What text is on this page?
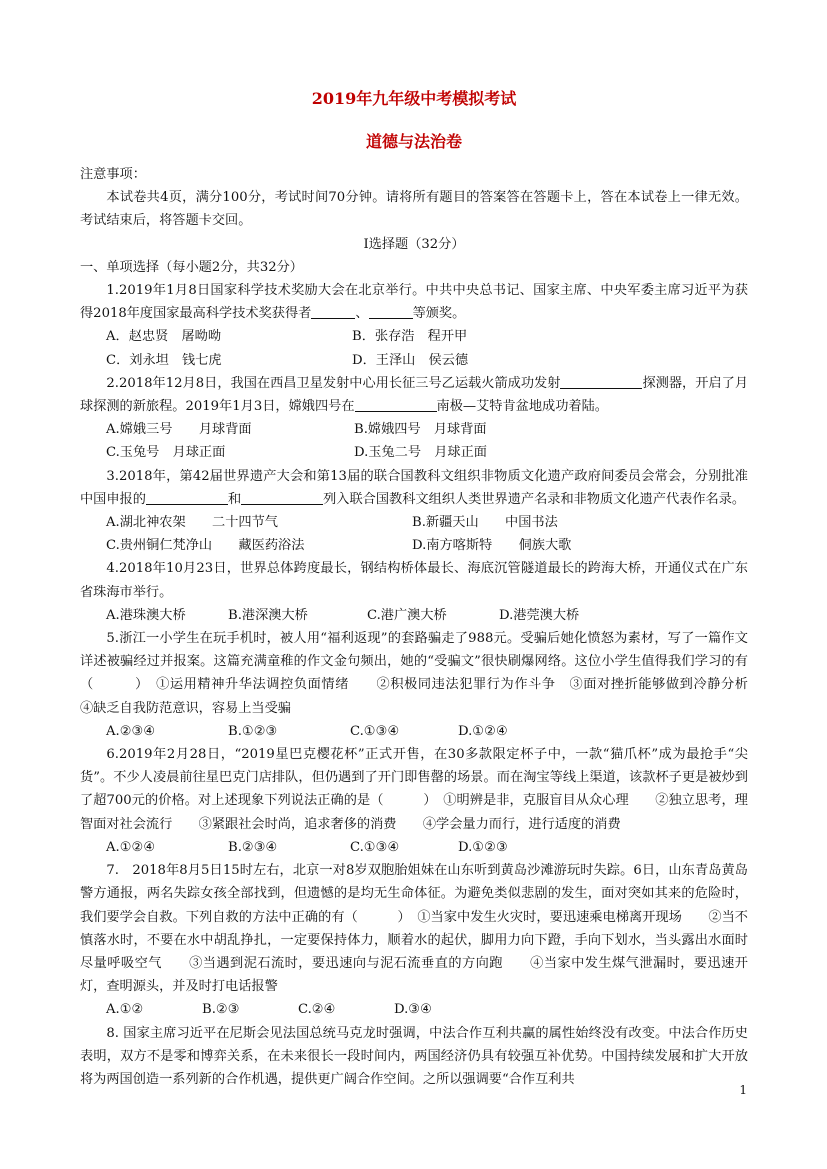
2019年九年级中考模拟考试
道德与法治卷

注意事项：

本试卷共4页，满分100分，考试时间70分钟。请将所有题目的答案答在答题卡上，答在本试卷上一律无效。考试结束后，将答题卡交回。

Ⅰ选择题（32分）

一、单项选择（每小题2分，共32分）

1.2019年1月8日国家科学技术奖励大会在北京举行。中共中央总书记、国家主席、中央军委主席习近平为获得2018年度国家最高科学技术奖获得者	、	等颁奖。

A．赵忠贤　屠呦呦	B．张存浩　程开甲
C．刘永坦　钱七虎	D．王泽山　侯云德

2.2018年12月8日，我国在西昌卫星发射中心用长征三号乙运载火箭成功发射	探测器，开启了月球探测的新旅程。2019年1月3日，嫦娥四号在	南极—艾特肯盆地成功着陆。

A.嫦娥三号　　月球背面	B.嫦娥四号　月球背面
C.玉兔号　月球正面	D.玉兔二号　月球正面

3.2018年，第42届世界遗产大会和第13届的联合国教科文组织非物质文化遗产政府间委员会常会，分别批准中国申报的	和	列入联合国教科文组织人类世界遗产名录和非物质文化遗产代表作名录。

A.湖北神农架　　二十四节气	B.新疆天山　　中国书法
C.贵州铜仁梵净山　　藏医药浴法	D.南方喀斯特　　侗族大歌

4.2018年10月23日，世界总体跨度最长，钢结构桥体最长、海底沉管隧道最长的跨海大桥，开通仪式在广东省珠海市举行。

A.港珠澳大桥	B.港深澳大桥	C.港广澳大桥	D.港莞澳大桥

5.浙江一小学生在玩手机时，被人用“福利返现”的套路骗走了988元。受骗后她化愤怒为素材，写了一篇作文详述被骗经过并报案。这篇充满童稚的作文金句频出，她的“受骗文”很快刷爆网络。这位小学生值得我们学习的有（　　　）　①运用精神升华法调控负面情绪　　②积极同违法犯罪行为作斗争　③面对挫折能够做到冷静分析　　　④缺乏自我防范意识，容易上当受骗

A.②③④	B.①②③	C.①③④	D.①②④

6.2019年2月28日，“2019星巴克樱花杯”正式开售，在30多款限定杯子中，一款“猫爪杯”成为最抢手“尖货”。不少人凌晨前往星巴克门店排队，但仍遇到了开门即售罄的场景。而在淘宝等线上渠道，该款杯子更是被炒到了超700元的价格。对上述现象下列说法正确的是（　　　）　①明辨是非，克服盲目从众心理　　②独立思考，理智面对社会流行　　③紧跟社会时尚，追求奢侈的消费　　④学会量力而行，进行适度的消费

A.①②④	B.②③④	C.①③④	D.①②③

7.　2018年8月5日15时左右，北京一对8岁双胞胎姐妹在山东听到黄岛沙滩游玩时失踪。6日，山东青岛黄岛警方通报，两名失踪女孩全部找到，但遗憾的是均无生命体征。为避免类似悲剧的发生，面对突如其来的危险时，我们要学会自救。下列自救的方法中正确的有（　　　）　①当家中发生火灾时，要迅速乘电梯离开现场　　②当不慎落水时，不要在水中胡乱挣扎，一定要保持体力，顺着水的起伏，脚用力向下蹬，手向下划水，当头露出水面时尽量呼吸空气　　③当遇到泥石流时，要迅速向与泥石流垂直的方向跑　　④当家中发生煤气泄漏时，要迅速开灯，查明源头，并及时打电话报警

A.①②	B.②③	C.②④	D.③④

8. 国家主席习近平在尼斯会见法国总统马克龙时强调，中法合作互利共赢的属性始终没有改变。中法合作历史表明，双方不是零和博弈关系，在未来很长一段时间内，两国经济仍具有较强互补优势。中国持续发展和扩大开放将为两国创造一系列新的合作机遇，提供更广阔合作空间。之所以强调要“合作互利共

1
